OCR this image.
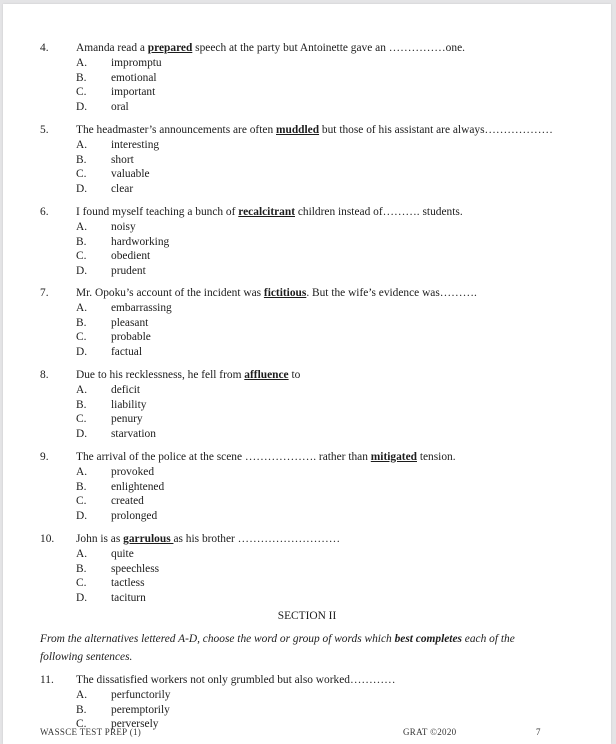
4. Amanda read a prepared speech at the party but Antoinette gave an ……………one.
A. impromptu
B. emotional
C. important
D. oral
5. The headmaster’s announcements are often muddled but those of his assistant are always………………
A. interesting
B. short
C. valuable
D. clear
6. I found myself teaching a bunch of recalcitrant children instead of………. students.
A. noisy
B. hardworking
C. obedient
D. prudent
7. Mr. Opoku’s account of the incident was fictitious. But the wife’s evidence was……….
A. embarrassing
B. pleasant
C. probable
D. factual
8. Due to his recklessness, he fell from affluence to
A. deficit
B. liability
C. penury
D. starvation
9. The arrival of the police at the scene ………………. rather than mitigated tension.
A. provoked
B. enlightened
C. created
D. prolonged
10. John is as garrulous as his brother ………………………
A. quite
B. speechless
C. tactless
D. taciturn
SECTION II
From the alternatives lettered A-D, choose the word or group of words which best completes each of the following sentences.
11. The dissatisfied workers not only grumbled but also worked…………
A. perfunctorily
B. peremptorily
C. perversely
WASSCE TEST PREP (1)	GRAT ©2020	7
